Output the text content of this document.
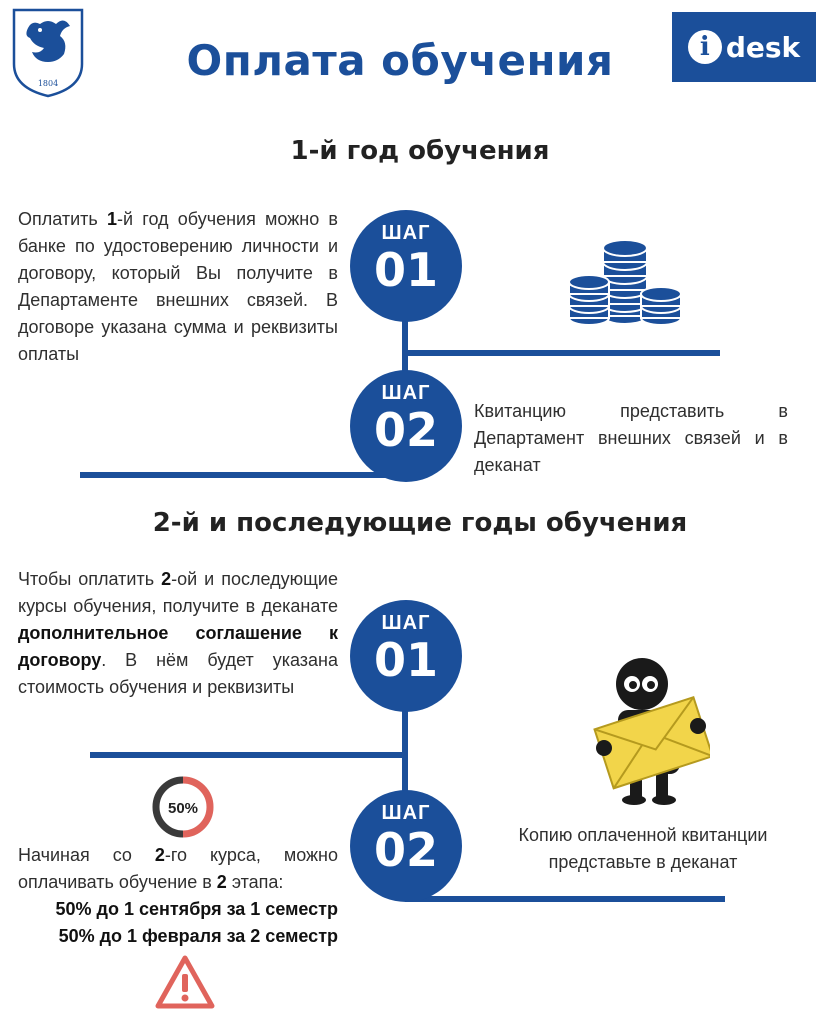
1804	Оплата обучения	i desk
1-й год обучения
Оплатить 1-й год обучения можно в банке по удостоверению личности и договору, который Вы получите в Департаменте внешних связей. В договоре указана сумма и реквизиты оплаты
ШАГ
01
ШАГ
02	Квитанцию представить в Департамент внешних связей и в деканат
2-й и последующие годы обучения
Чтобы оплатить 2-ой и последующие курсы обучения, получите в деканате дополнительное соглашение к договору. В нём будет указана стоимость обучения и реквизиты
ШАГ
01
ШАГ
02	Копию оплаченной квитанции представьте в деканат
50%
Начиная со 2-го курса, можно оплачивать обучение в 2 этапа:
50% до 1 сентября за 1 семестр
50% до 1 февраля за 2 семестр
